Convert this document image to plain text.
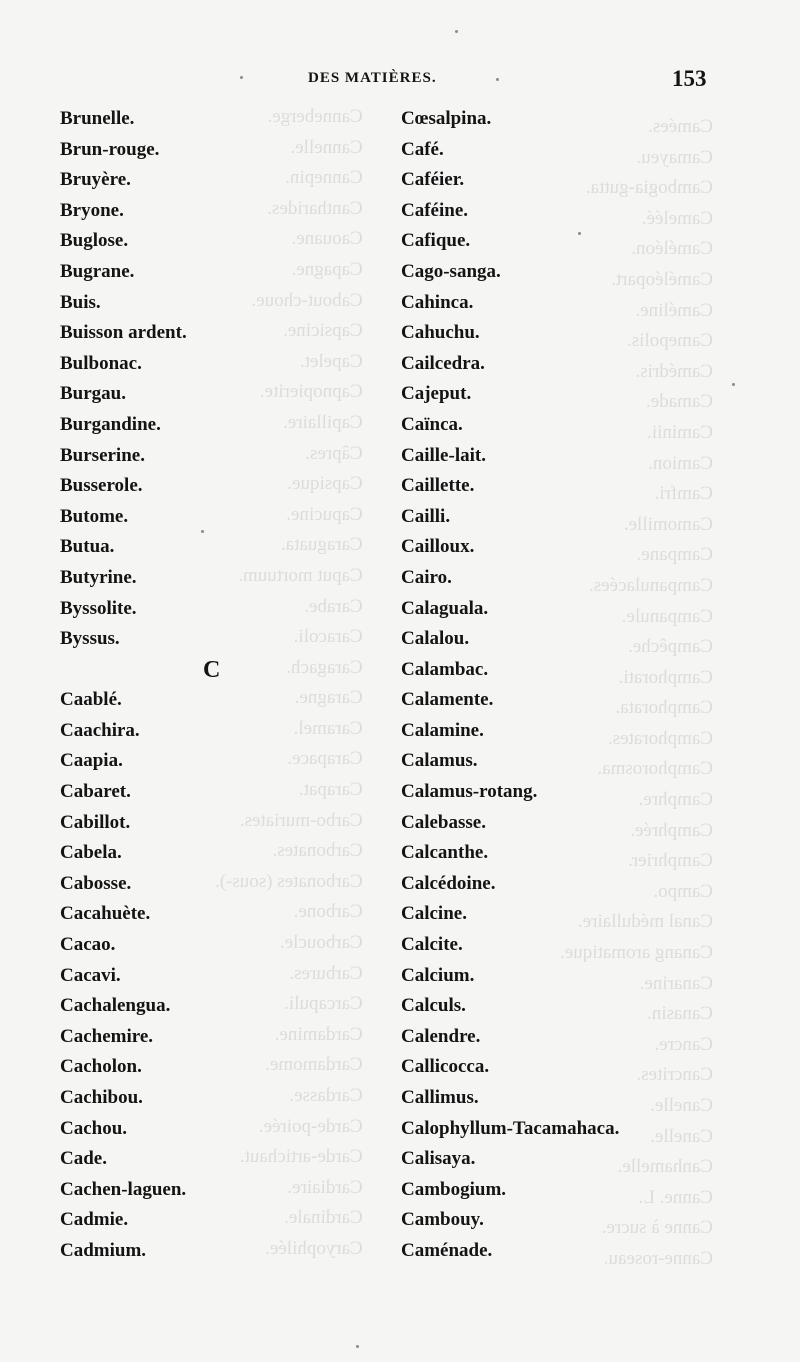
Canneberge.
Cannelle.
Cannepin.
Cantharides.
Caouane.
Capagne.
Cabout-choue.
Capsicine.
Capelet.
Capnopierite.
Capillaire.
Câpres.
Capsique.
Capucine.
Caraguata.
Caput mortuum.
Carabe.
Caracoli.
Caragach.
Caragne.
Caramel.
Carapace.
Carapat.
Carbo-muriates.
Carbonates.
Carbonates (sous-).
Carbone.
Carboucle.
Carbures.
Carcapuli.
Cardamine.
Cardamome.
Cardasse.
Carde-poirée.
Carde-artichaut.
Cardiaire.
Cardinale.
Caryophilée.
Camées.
Camayeu.
Cambogia-gutta.
Cameléé.
Caméléon.
Caméléopart.
Caméline.
Camepolis.
Camédris.
Camade.
Caminii.
Camion.
Camfri.
Camomille.
Campane.
Campanulacées.
Campanule.
Campêche.
Camphorati.
Camphorata.
Camphorates.
Camphorosma.
Camphre.
Camphrée.
Camphrier.
Campo.
Canal médullaire.
Canang aromatique.
Canarine.
Canasin.
Cancre.
Cancrites.
Canelle.
Canelle.
Canhamelle.
Canne. L.
Canne à sucre.
Canne-roseau.
DES MATIÈRES.	153
Brunelle.
Brun-rouge.
Bruyère.
Bryone.
Buglose.
Bugrane.
Buis.
Buisson ardent.
Bulbonac.
Burgau.
Burgandine.
Burserine.
Busserole.
Butome.
Butua.
Butyrine.
Byssolite.
Byssus.
C
Caablé.
Caachira.
Caapia.
Cabaret.
Cabillot.
Cabela.
Cabosse.
Cacahuète.
Cacao.
Cacavi.
Cachalengua.
Cachemire.
Cacholon.
Cachibou.
Cachou.
Cade.
Cachen-laguen.
Cadmie.
Cadmium.
Cœsalpina.
Café.
Caféier.
Caféine.
Cafique.
Cago-sanga.
Cahinca.
Cahuchu.
Cailcedra.
Cajeput.
Caïnca.
Caille-lait.
Caillette.
Cailli.
Cailloux.
Cairo.
Calaguala.
Calalou.
Calambac.
Calamente.
Calamine.
Calamus.
Calamus-rotang.
Calebasse.
Calcanthe.
Calcédoine.
Calcine.
Calcite.
Calcium.
Calculs.
Calendre.
Callicocca.
Callimus.
Calophyllum-Tacamahaca.
Calisaya.
Cambogium.
Cambouy.
Caménade.
